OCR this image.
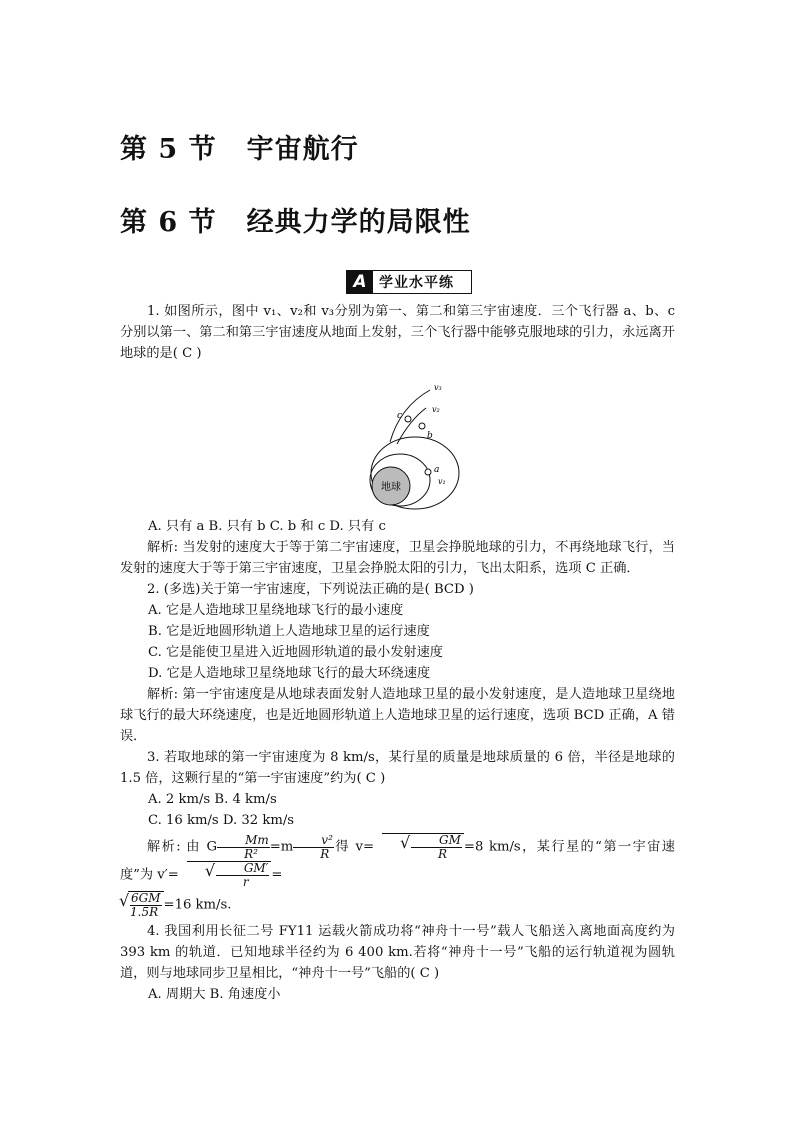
第 5 节 宇宙航行
第 6 节 经典力学的局限性
A 学业水平练

1. 如图所示，图中 v₁、v₂和 v₃分别为第一、第二和第三宇宙速度．三个飞行器 a、b、c 分别以第一、第二和第三宇宙速度从地面上发射，三个飞行器中能够克服地球的引力，永远离开地球的是( C )

地球
c
b
a
v₃
v₂
v₁

A. 只有 a B. 只有 b C. b 和 c D. 只有 c

解析: 当发射的速度大于等于第二宇宙速度，卫星会挣脱地球的引力，不再绕地球飞行，当发射的速度大于等于第三宇宙速度，卫星会挣脱太阳的引力，飞出太阳系，选项 C 正确．

2. (多选)关于第一宇宙速度，下列说法正确的是( BCD )

A. 它是人造地球卫星绕地球飞行的最小速度

B. 它是近地圆形轨道上人造地球卫星的运行速度

C. 它是能使卫星进入近地圆形轨道的最小发射速度

D. 它是人造地球卫星绕地球飞行的最大环绕速度

解析: 第一宇宙速度是从地球表面发射人造地球卫星的最小发射速度，是人造地球卫星绕地球飞行的最大环绕速度，也是近地圆形轨道上人造地球卫星的运行速度，选项 BCD 正确，A 错误．

3. 若取地球的第一宇宙速度为 8 km/s，某行星的质量是地球质量的 6 倍，半径是地球的 1.5 倍，这颗行星的“第一宇宙速度”约为( C )

A. 2 km/s B. 4 km/s

C. 16 km/s D. 32 km/s

解析: 由 G $\frac{Mm}{\text{R²}} =m \frac{\text{v²}}{R}$ 得 v=	√ $\frac{GM}{R} =8$ km/s，某行星的“第一宇宙速度”为 v′=	√ $\frac{GM'}{r}$ =

√ $\frac{6GM}{1.5R} =16$ km/s.

4. 我国利用长征二号 FY11 运载火箭成功将“神舟十一号”载人飞船送入离地面高度约为 393 km 的轨道．已知地球半径约为 6 400 km.若将“神舟十一号”飞船的运行轨道视为圆轨道，则与地球同步卫星相比，“神舟十一号”飞船的( C )

A. 周期大 B. 角速度小
